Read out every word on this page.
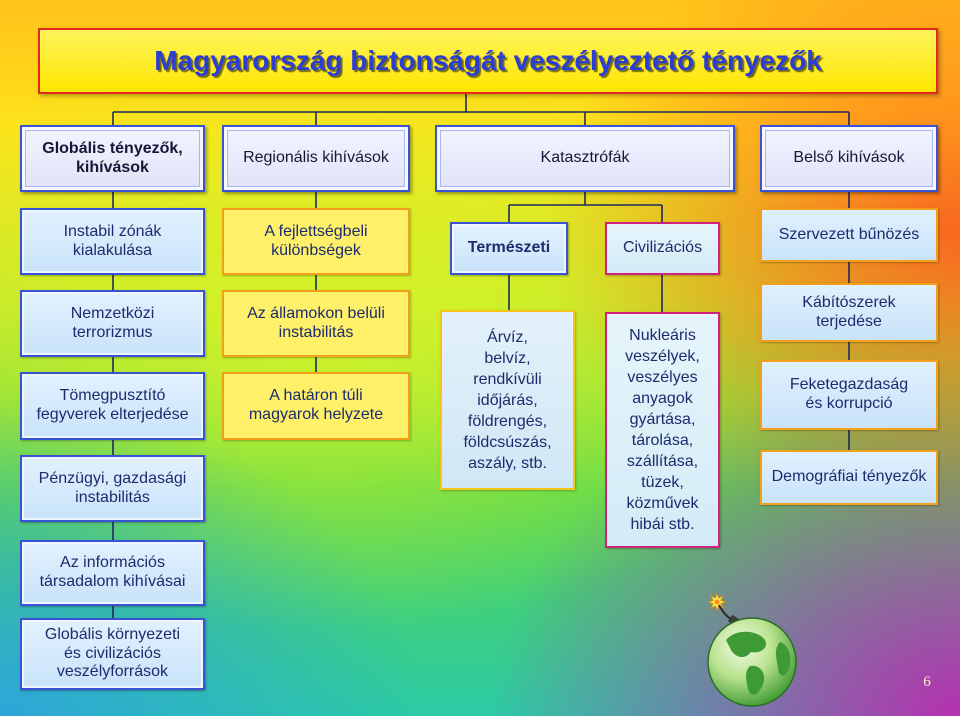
Magyarország biztonságát veszélyeztető tényezők
Globális tényezők,
kihívások
Regionális kihívások	Katasztrófák	Belső kihívások
Instabil zónák
kialakulása
Nemzetközi
terrorizmus
Tömegpusztító
fegyverek elterjedése
Pénzügyi, gazdasági
instabilitás
Az információs
társadalom kihívásai
Globális környezeti
és civilizációs
veszélyforrások
A fejlettségbeli
különbségek
Az államokon belüli
instabilitás
A határon túli
magyarok helyzete
Természeti
Árvíz,
belvíz,
rendkívüli
időjárás,
földrengés,
földcsúszás,
aszály, stb.
Civilizációs
Nukleáris
veszélyek,
veszélyes
anyagok
gyártása,
tárolása,
szállítása,
tüzek,
közművek
hibái stb.
Szervezett bűnözés
Kábítószerek
terjedése
Feketegazdaság
és korrupció
Demográfiai tényezők
6
